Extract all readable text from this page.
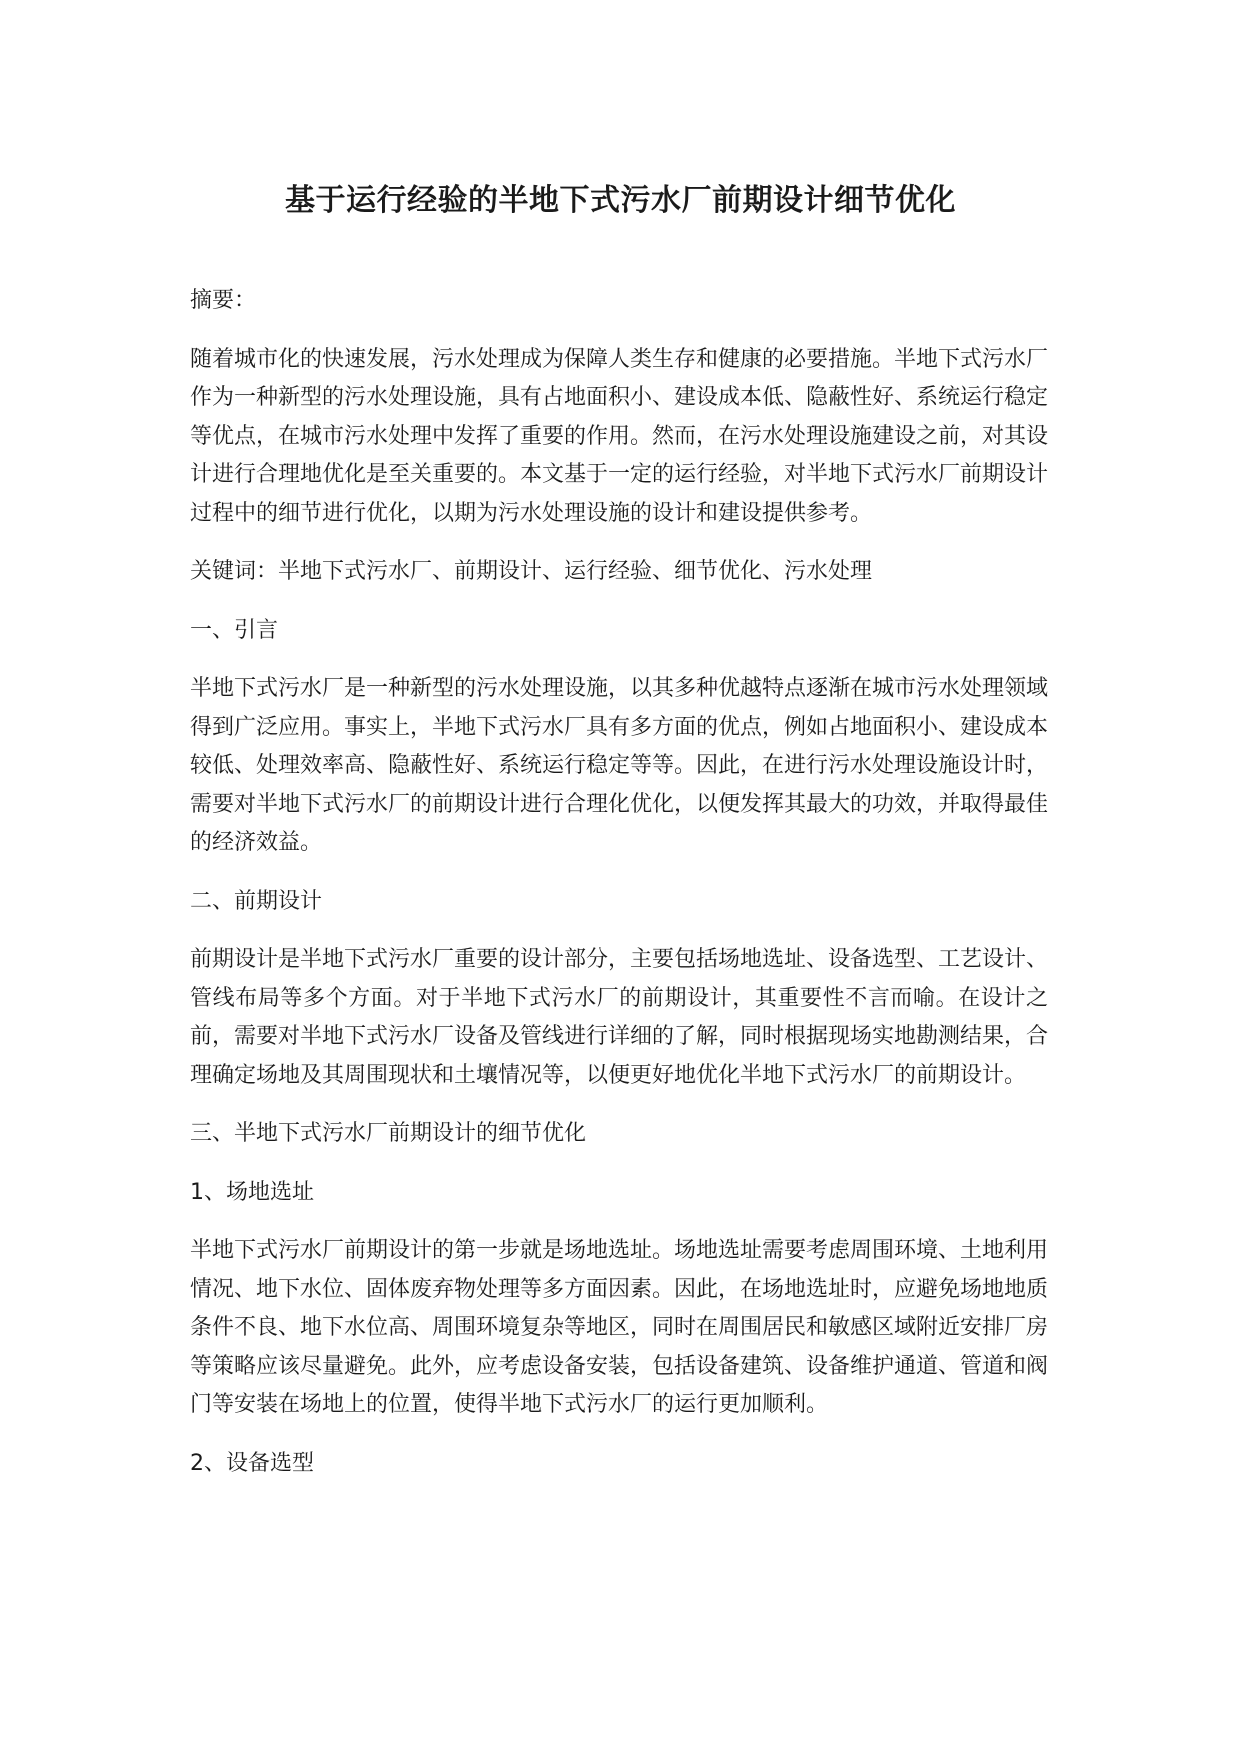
基于运行经验的半地下式污水厂前期设计细节优化

摘要：

随着城市化的快速发展，污水处理成为保障人类生存和健康的必要措施。半地下式污水厂作为一种新型的污水处理设施，具有占地面积小、建设成本低、隐蔽性好、系统运行稳定等优点，在城市污水处理中发挥了重要的作用。然而，在污水处理设施建设之前，对其设计进行合理地优化是至关重要的。本文基于一定的运行经验，对半地下式污水厂前期设计过程中的细节进行优化，以期为污水处理设施的设计和建设提供参考。

关键词：半地下式污水厂、前期设计、运行经验、细节优化、污水处理

一、引言

半地下式污水厂是一种新型的污水处理设施，以其多种优越特点逐渐在城市污水处理领域得到广泛应用。事实上，半地下式污水厂具有多方面的优点，例如占地面积小、建设成本较低、处理效率高、隐蔽性好、系统运行稳定等等。因此，在进行污水处理设施设计时，需要对半地下式污水厂的前期设计进行合理化优化，以便发挥其最大的功效，并取得最佳的经济效益。

二、前期设计

前期设计是半地下式污水厂重要的设计部分，主要包括场地选址、设备选型、工艺设计、管线布局等多个方面。对于半地下式污水厂的前期设计，其重要性不言而喻。在设计之前，需要对半地下式污水厂设备及管线进行详细的了解，同时根据现场实地勘测结果，合理确定场地及其周围现状和土壤情况等，以便更好地优化半地下式污水厂的前期设计。

三、半地下式污水厂前期设计的细节优化

1、场地选址

半地下式污水厂前期设计的第一步就是场地选址。场地选址需要考虑周围环境、土地利用情况、地下水位、固体废弃物处理等多方面因素。因此，在场地选址时，应避免场地地质条件不良、地下水位高、周围环境复杂等地区，同时在周围居民和敏感区域附近安排厂房等策略应该尽量避免。此外，应考虑设备安装，包括设备建筑、设备维护通道、管道和阀门等安装在场地上的位置，使得半地下式污水厂的运行更加顺利。

2、设备选型
